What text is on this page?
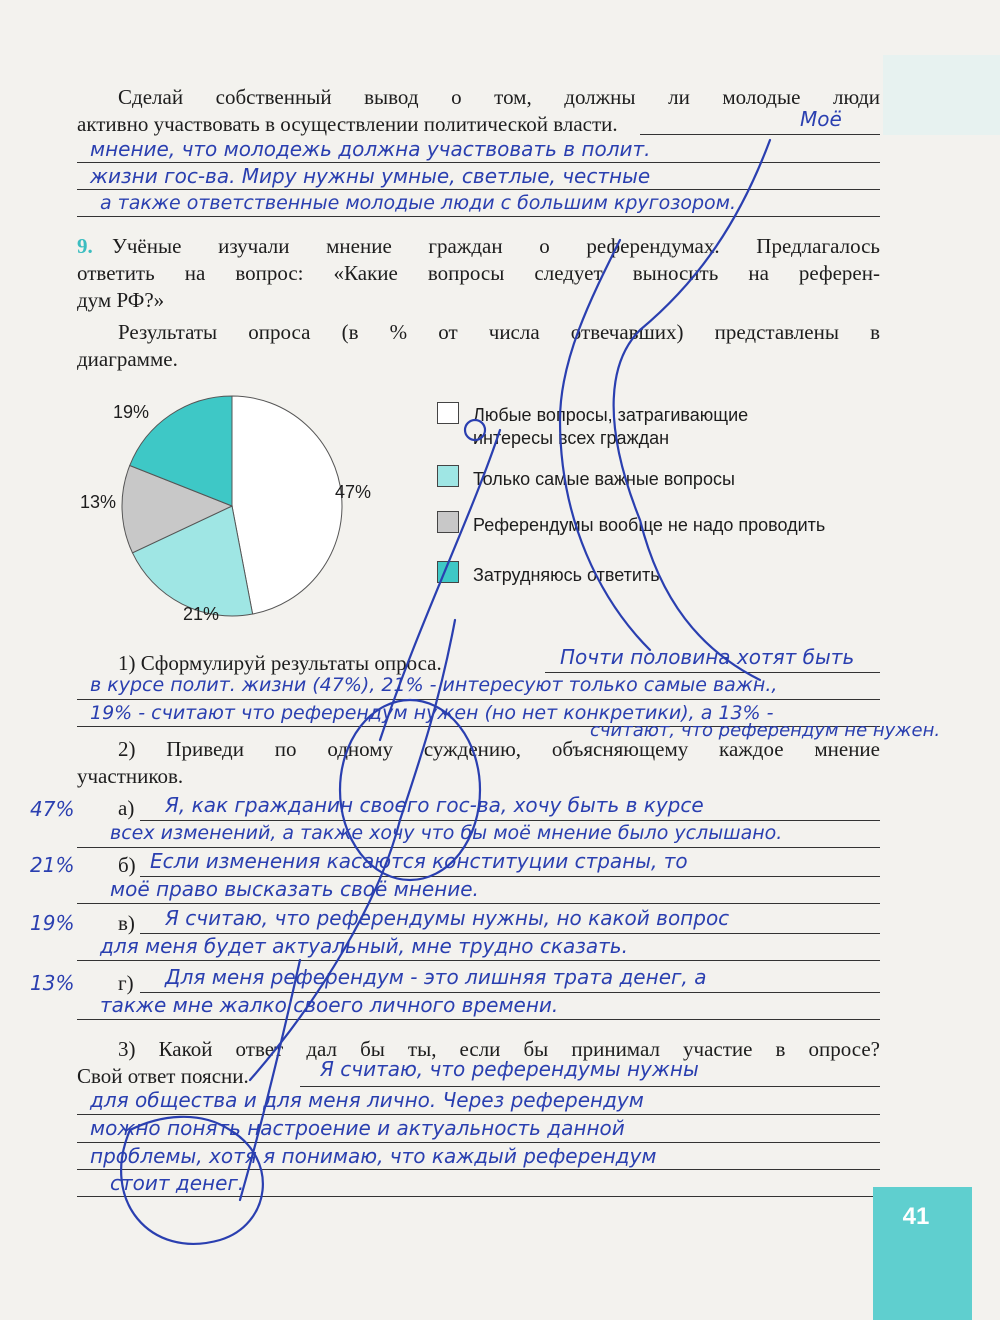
Сделай собственный вывод о том, должны ли молодые люди
активно участвовать в осуществлении политической власти.	Моё
мнение, что молодежь должна участвовать в полит.
жизни гос-ва. Миру нужны умные, светлые, честные
а также ответственные молодые люди с большим кругозором.
9. Учёные изучали мнение граждан о референдумах. Предлагалось
ответить на вопрос: «Какие вопросы следует выносить на референ-
дум РФ?»
Результаты опроса (в % от числа отвечавших) представлены в
диаграмме.
19%
47%
13%
21%
Любые вопросы, затрагивающие
интересы всех граждан
Только самые важные вопросы
Референдумы вообще не надо проводить
Затрудняюсь ответить
1) Сформулируй результаты опроса.	Почти половина хотят быть
в курсе полит. жизни (47%), 21% - интересуют только самые важн.,
19% - считают что референдум нужен (но нет конкретики), а 13% -
считают, что референдум не нужен.
2) Приведи по одному суждению, объясняющему каждое мнение
участников.
47% а) Я, как гражданин своего гос-ва, хочу быть в курсе
всех изменений, а также хочу что бы моё мнение было услышано.
21% б) Если изменения касаются конституции страны, то
моё право высказать своё мнение.
19% в) Я считаю, что референдумы нужны, но какой вопрос
для меня будет актуальный, мне трудно сказать.
13% г) Для меня референдум - это лишняя трата денег, а
также мне жалко своего личного времени.
3) Какой ответ дал бы ты, если бы принимал участие в опросе?
Свой ответ поясни.	Я считаю, что референдумы нужны
для общества и для меня лично. Через референдум
можно понять настроение и актуальность данной
проблемы, хотя я понимаю, что каждый референдум
стоит денег.
41
